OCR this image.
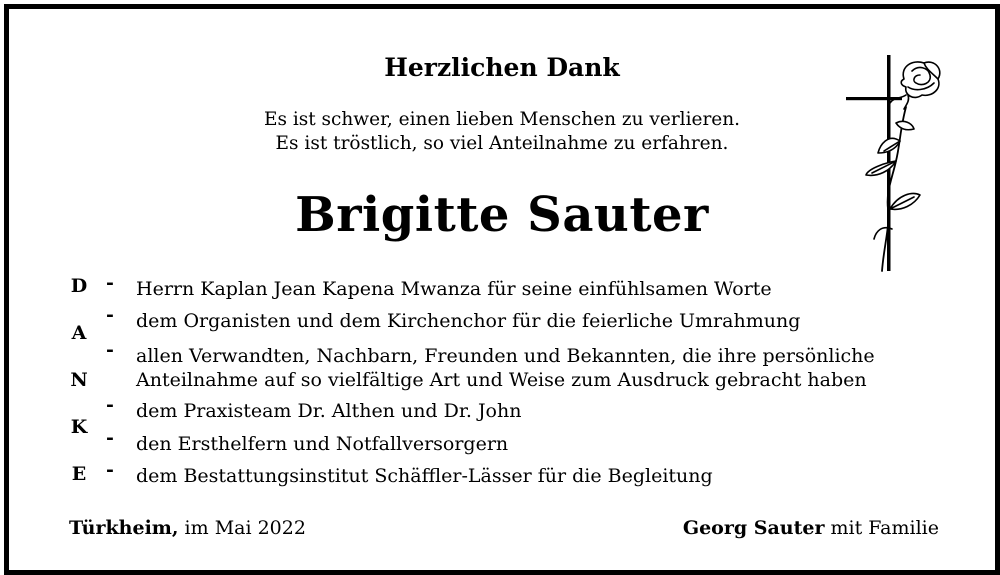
Herzlichen Dank
Es ist schwer, einen lieben Menschen zu verlieren.
Es ist tröstlich, so viel Anteilnahme zu erfahren.
Brigitte Sauter
D
A
N
K
E
- Herrn Kaplan Jean Kapena Mwanza für seine einfühlsamen Worte
- dem Organisten und dem Kirchenchor für die feierliche Umrahmung
- allen Verwandten, Nachbarn, Freunden und Bekannten, die ihre persönliche
Anteilnahme auf so vielfältige Art und Weise zum Ausdruck gebracht haben
- dem Praxisteam Dr. Althen und Dr. John
- den Ersthelfern und Notfallversorgern
- dem Bestattungsinstitut Schäffler-Lässer für die Begleitung
Türkheim, im Mai 2022	Georg Sauter mit Familie
